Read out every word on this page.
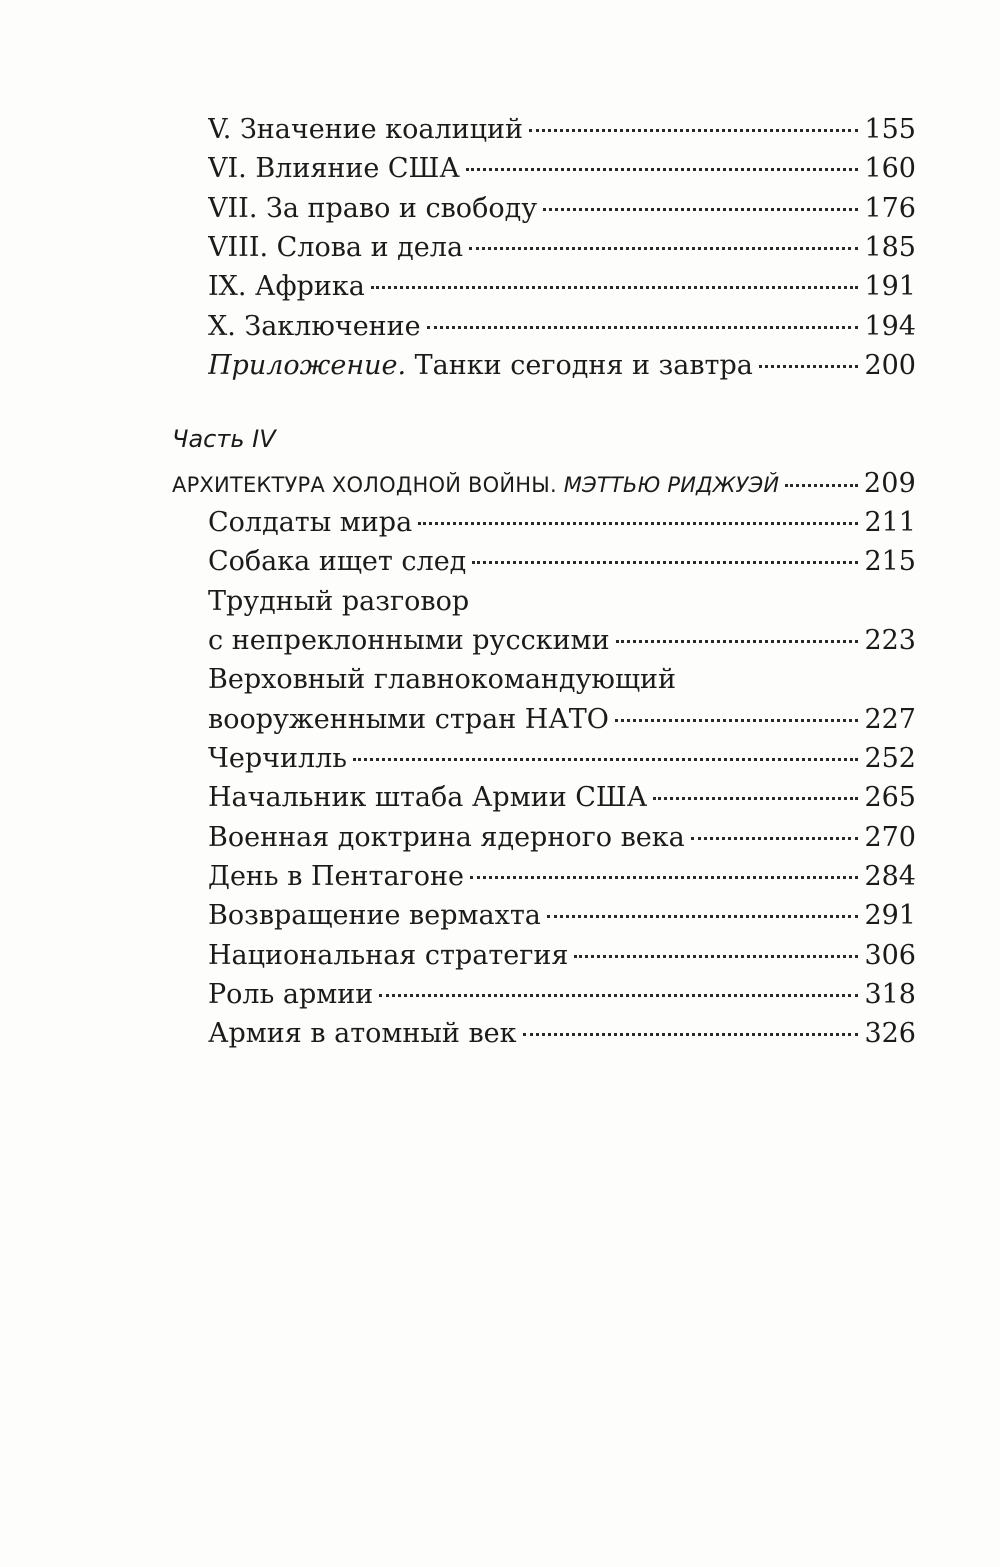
V. Значение коалиций	155
VI. Влияние США	160
VII. За право и свободу	176
VIII. Слова и дела	185
IX. Африка	191
X. Заключение	194
Приложение. Танки сегодня и завтра	200
Часть IV
АРХИТЕКТУРА ХОЛОДНОЙ ВОЙНЫ. МЭТТЬЮ РИДЖУЭЙ	209
Солдаты мира	211
Собака ищет след	215
Трудный разговор
с непреклонными русскими	223
Верховный главнокомандующий
вооруженными стран НАТО	227
Черчилль	252
Начальник штаба Армии США	265
Военная доктрина ядерного века	270
День в Пентагоне	284
Возвращение вермахта	291
Национальная стратегия	306
Роль армии	318
Армия в атомный век	326
